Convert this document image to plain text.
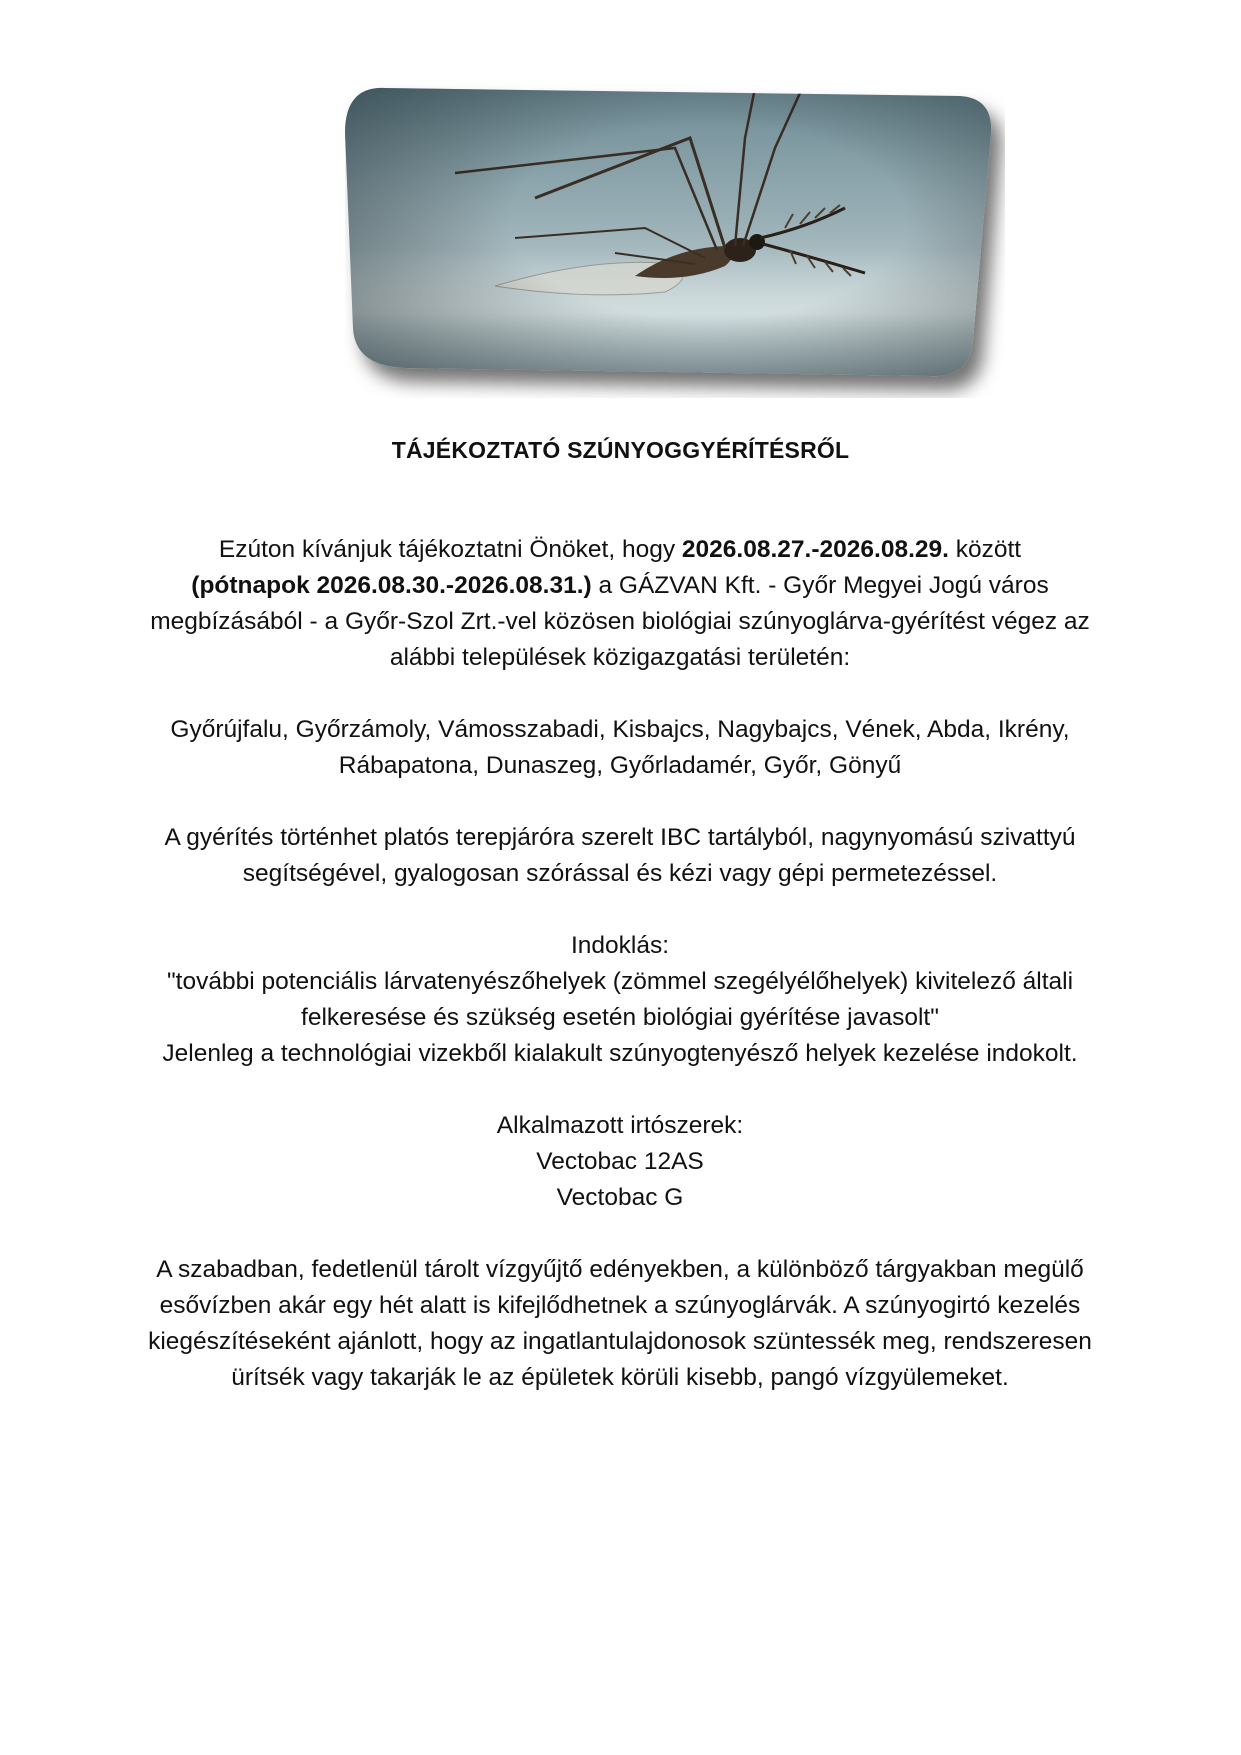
TÁJÉKOZTATÓ SZÚNYOGGYÉRÍTÉSRŐL

Ezúton kívánjuk tájékoztatni Önöket, hogy 2026.08.27.-2026.08.29. között
(pótnapok 2026.08.30.-2026.08.31.) a GÁZVAN Kft. - Győr Megyei Jogú város megbízásából - a Győr-Szol Zrt.-vel közösen biológiai szúnyoglárva-gyérítést végez az alábbi települések közigazgatási területén:

Győrújfalu, Győrzámoly, Vámosszabadi, Kisbajcs, Nagybajcs, Vének, Abda, Ikrény, Rábapatona, Dunaszeg, Győrladamér, Győr, Gönyű

A gyérítés történhet platós terepjáróra szerelt IBC tartályból, nagynyomású szivattyú segítségével, gyalogosan szórással és kézi vagy gépi permetezéssel.

Indoklás:

"további potenciális lárvatenyészőhelyek (zömmel szegélyélőhelyek) kivitelező általi felkeresése és szükség esetén biológiai gyérítése javasolt"

Jelenleg a technológiai vizekből kialakult szúnyogtenyésző helyek kezelése indokolt.

Alkalmazott irtószerek:

Vectobac 12AS

Vectobac G

A szabadban, fedetlenül tárolt vízgyűjtő edényekben, a különböző tárgyakban megülő esővízben akár egy hét alatt is kifejlődhetnek a szúnyoglárvák. A szúnyogirtó kezelés kiegészítéseként ajánlott, hogy az ingatlantulajdonosok szüntessék meg, rendszeresen ürítsék vagy takarják le az épületek körüli kisebb, pangó vízgyülemeket.
